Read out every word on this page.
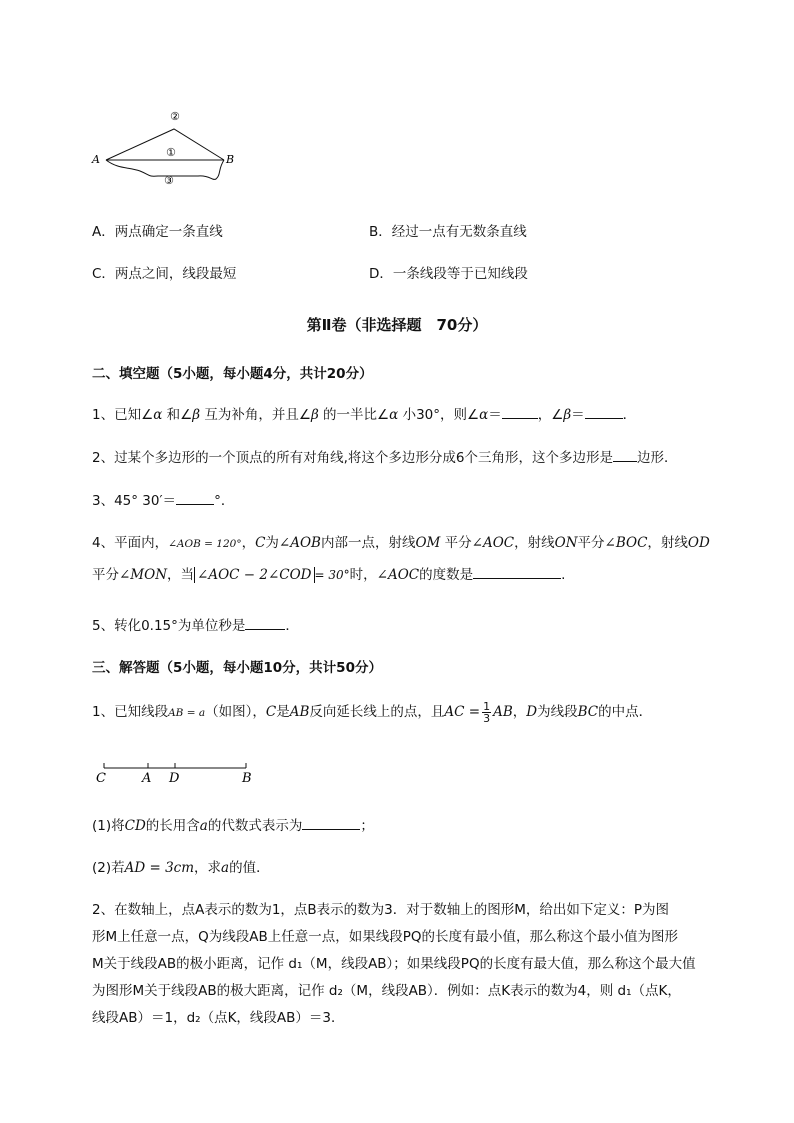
A	B
①
②
③
A．两点确定一条直线	B．经过一点有无数条直线
C．两点之间，线段最短	D．一条线段等于已知线段
第Ⅱ卷（非选择题　70分）
二、填空题（5小题，每小题4分，共计20分）
1、已知∠α 和∠β 互为补角，并且∠β 的一半比∠α 小30°，则∠α＝	，∠β＝	．
2、过某个多边形的一个顶点的所有对角线,将这个多边形分成6个三角形，这个多边形是 边形．
3、45° 30′＝	°．
4、平面内，∠AOB = 120°，C为∠AOB内部一点，射线OM 平分∠AOC，射线ON平分∠BOC，射线OD
平分∠MON，当 ∠AOC − 2∠COD = 30°时，∠AOC的度数是	.
5、转化0.15°为单位秒是	．
三、解答题（5小题，每小题10分，共计50分）
1、已知线段AB = a（如图），C是AB反向延长线上的点，且AC = $\frac{1}{3}$ AB，D为线段BC的中点．
C	A D	B
(1)将CD的长用含a的代数式表示为	；
(2)若AD = 3cm，求a的值．
2、在数轴上，点A表示的数为1，点B表示的数为3．对于数轴上的图形M，给出如下定义：P为图
形M上任意一点，Q为线段AB上任意一点，如果线段PQ的长度有最小值，那么称这个最小值为图形
M关于线段AB的极小距离，记作 d₁（M，线段AB）；如果线段PQ的长度有最大值，那么称这个最大值
为图形M关于线段AB的极大距离，记作 d₂（M，线段AB）．例如：点K表示的数为4，则 d₁（点K，
线段AB）＝1，d₂（点K，线段AB）＝3．
